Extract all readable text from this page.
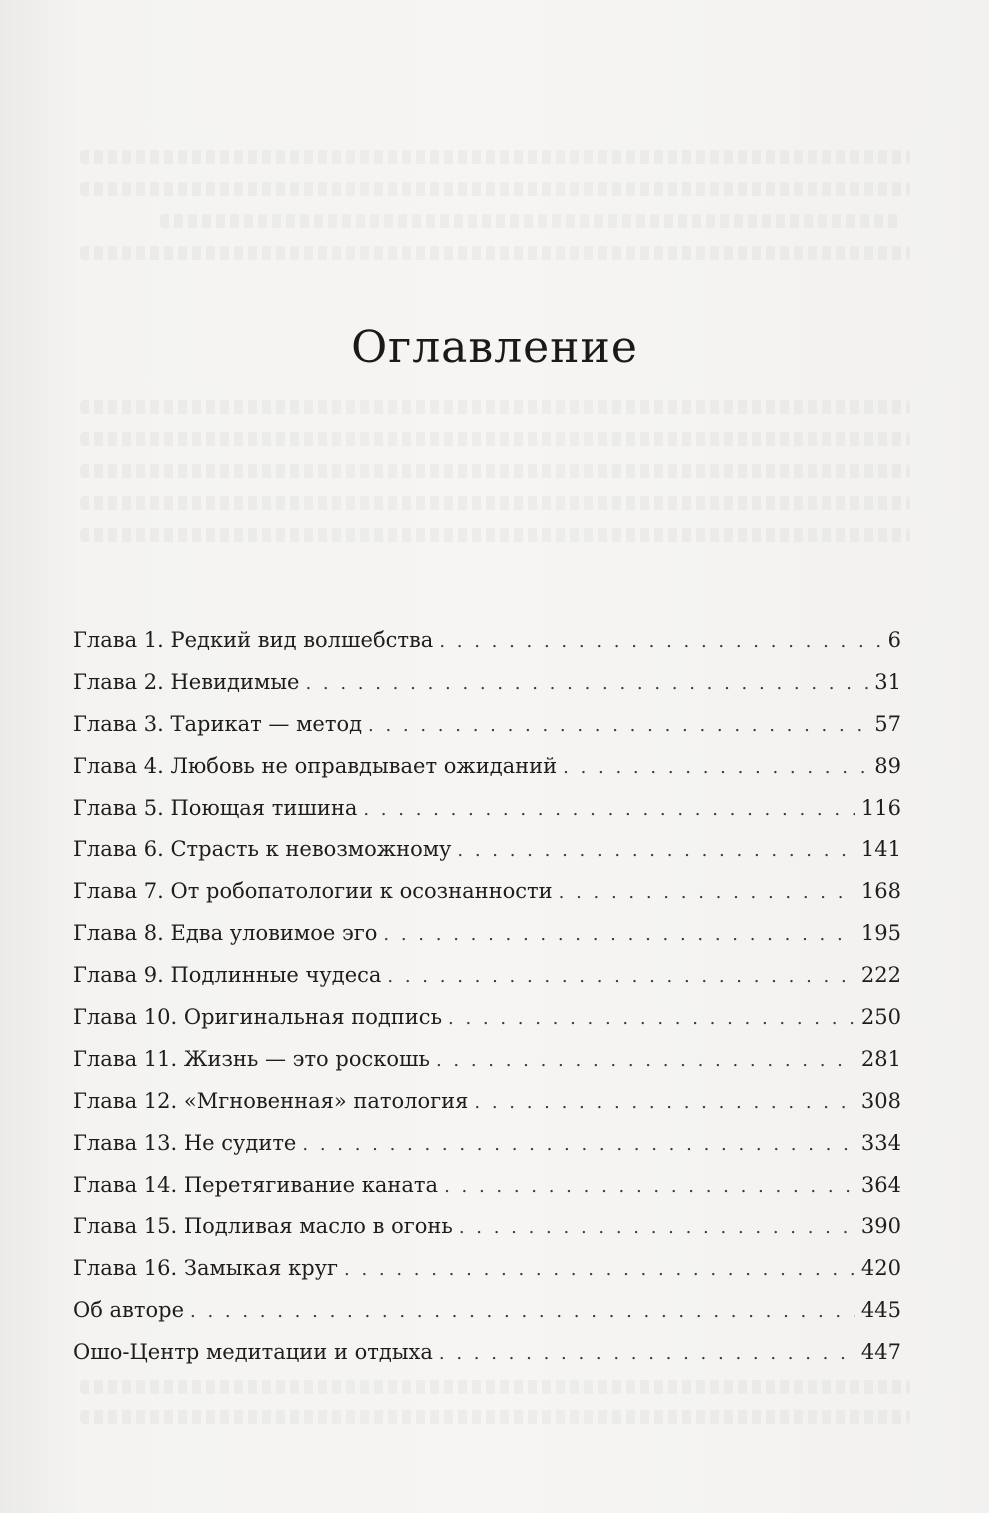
Оглавление
Глава 1. Редкий вид волшебства . . .	6
Глава 2. Невидимые . . .	31
Глава 3. Тарикат — метод . . .	57
Глава 4. Любовь не оправдывает ожиданий . . .	89
Глава 5. Поющая тишина . . .	116
Глава 6. Страсть к невозможному . . .	141
Глава 7. От робопатологии к осознанности . . .	168
Глава 8. Едва уловимое эго . . .	195
Глава 9. Подлинные чудеса . . .	222
Глава 10. Оригинальная подпись . . .	250
Глава 11. Жизнь — это роскошь . . .	281
Глава 12. «Мгновенная» патология . . .	308
Глава 13. Не судите . . .	334
Глава 14. Перетягивание каната . . .	364
Глава 15. Подливая масло в огонь . . .	390
Глава 16. Замыкая круг . . .	420
Об авторе . . .	445
Ошо-Центр медитации и отдыха . . .	447
